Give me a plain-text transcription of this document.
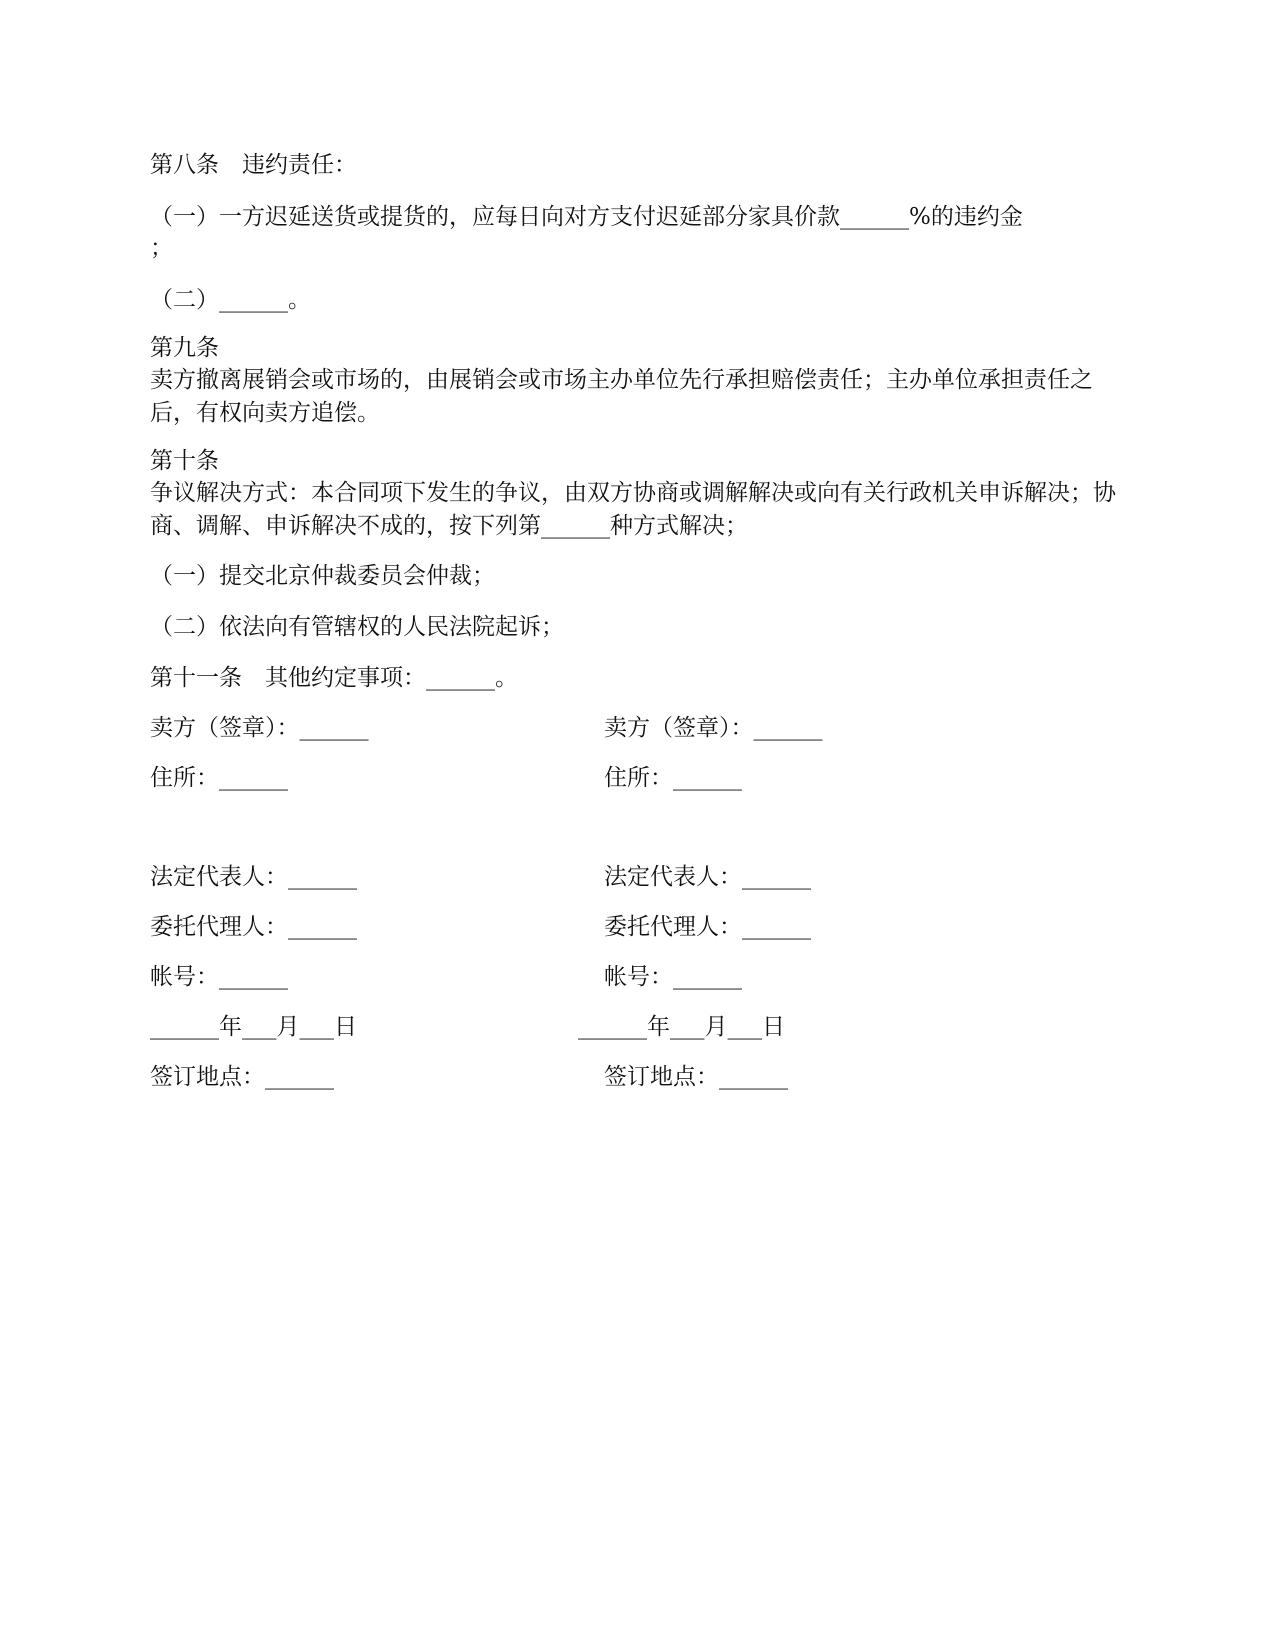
第八条　违约责任：
（一）一方迟延送货或提货的，应每日向对方支付迟延部分家具价款______%的违约金
；
（二）______。
第九条
卖方撤离展销会或市场的，由展销会或市场主办单位先行承担赔偿责任；主办单位承担责任之后，有权向卖方追偿。
第十条
争议解决方式：本合同项下发生的争议，由双方协商或调解解决或向有关行政机关申诉解决；协商、调解、申诉解决不成的，按下列第______种方式解决；
（一）提交北京仲裁委员会仲裁；
（二）依法向有管辖权的人民法院起诉；
第十一条　其他约定事项：______。
卖方（签章）：______
住所：______
法定代表人：______
委托代理人：______
帐号：______
______年___月___日
签订地点：______
卖方（签章）：______
住所：______
法定代表人：______
委托代理人：______
帐号：______
______年___月___日
签订地点：______
